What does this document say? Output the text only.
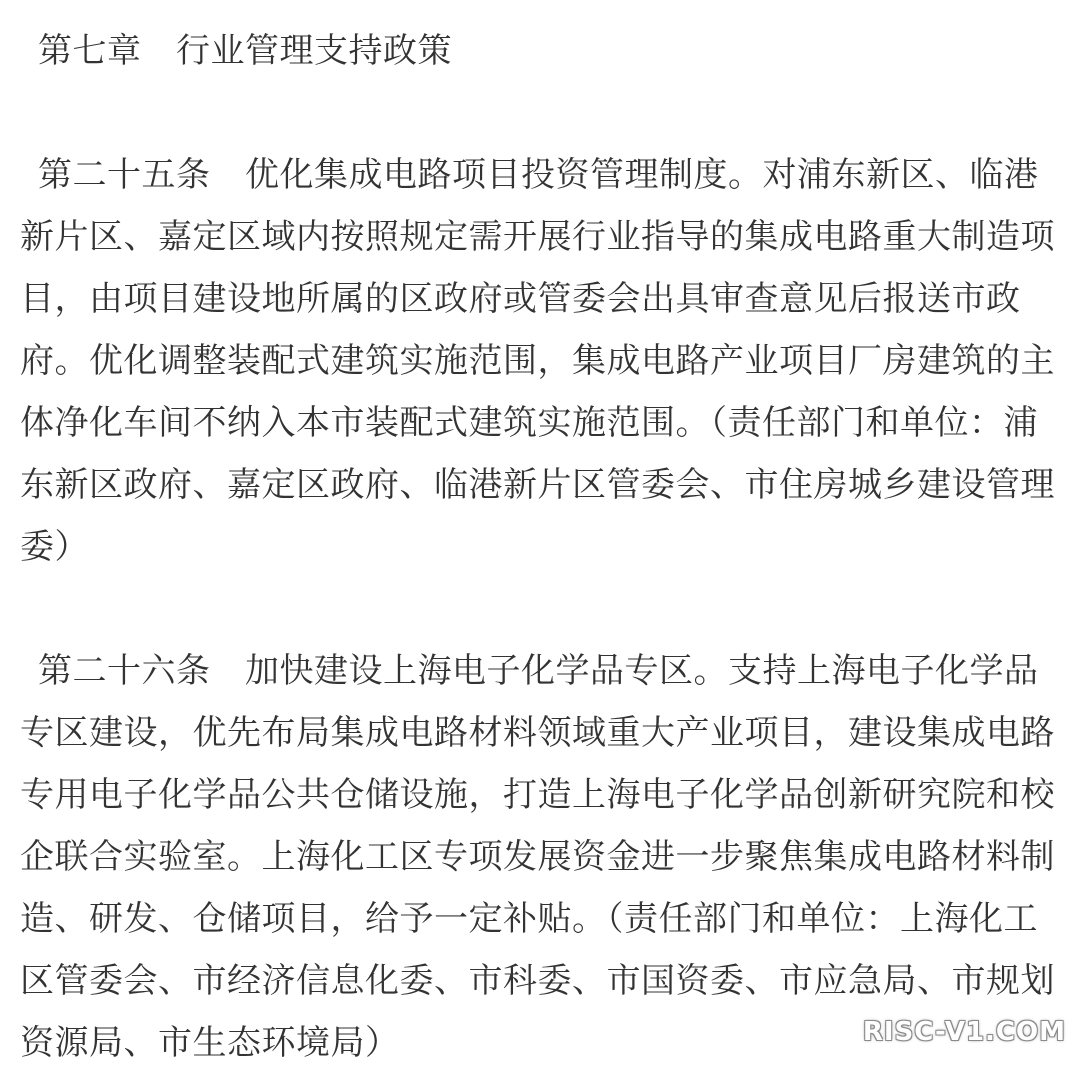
第七章　行业管理支持政策
第二十五条　优化集成电路项目投资管理制度。对浦东新区、临港
新片区、嘉定区域内按照规定需开展行业指导的集成电路重大制造项
目，由项目建设地所属的区政府或管委会出具审查意见后报送市政
府。优化调整装配式建筑实施范围，集成电路产业项目厂房建筑的主
体净化车间不纳入本市装配式建筑实施范围。（责任部门和单位：浦
东新区政府、嘉定区政府、临港新片区管委会、市住房城乡建设管理
委）
第二十六条　加快建设上海电子化学品专区。支持上海电子化学品
专区建设，优先布局集成电路材料领域重大产业项目，建设集成电路
专用电子化学品公共仓储设施，打造上海电子化学品创新研究院和校
企联合实验室。上海化工区专项发展资金进一步聚焦集成电路材料制
造、研发、仓储项目，给予一定补贴。（责任部门和单位：上海化工
区管委会、市经济信息化委、市科委、市国资委、市应急局、市规划
资源局、市生态环境局）	RISC-V1.COM
